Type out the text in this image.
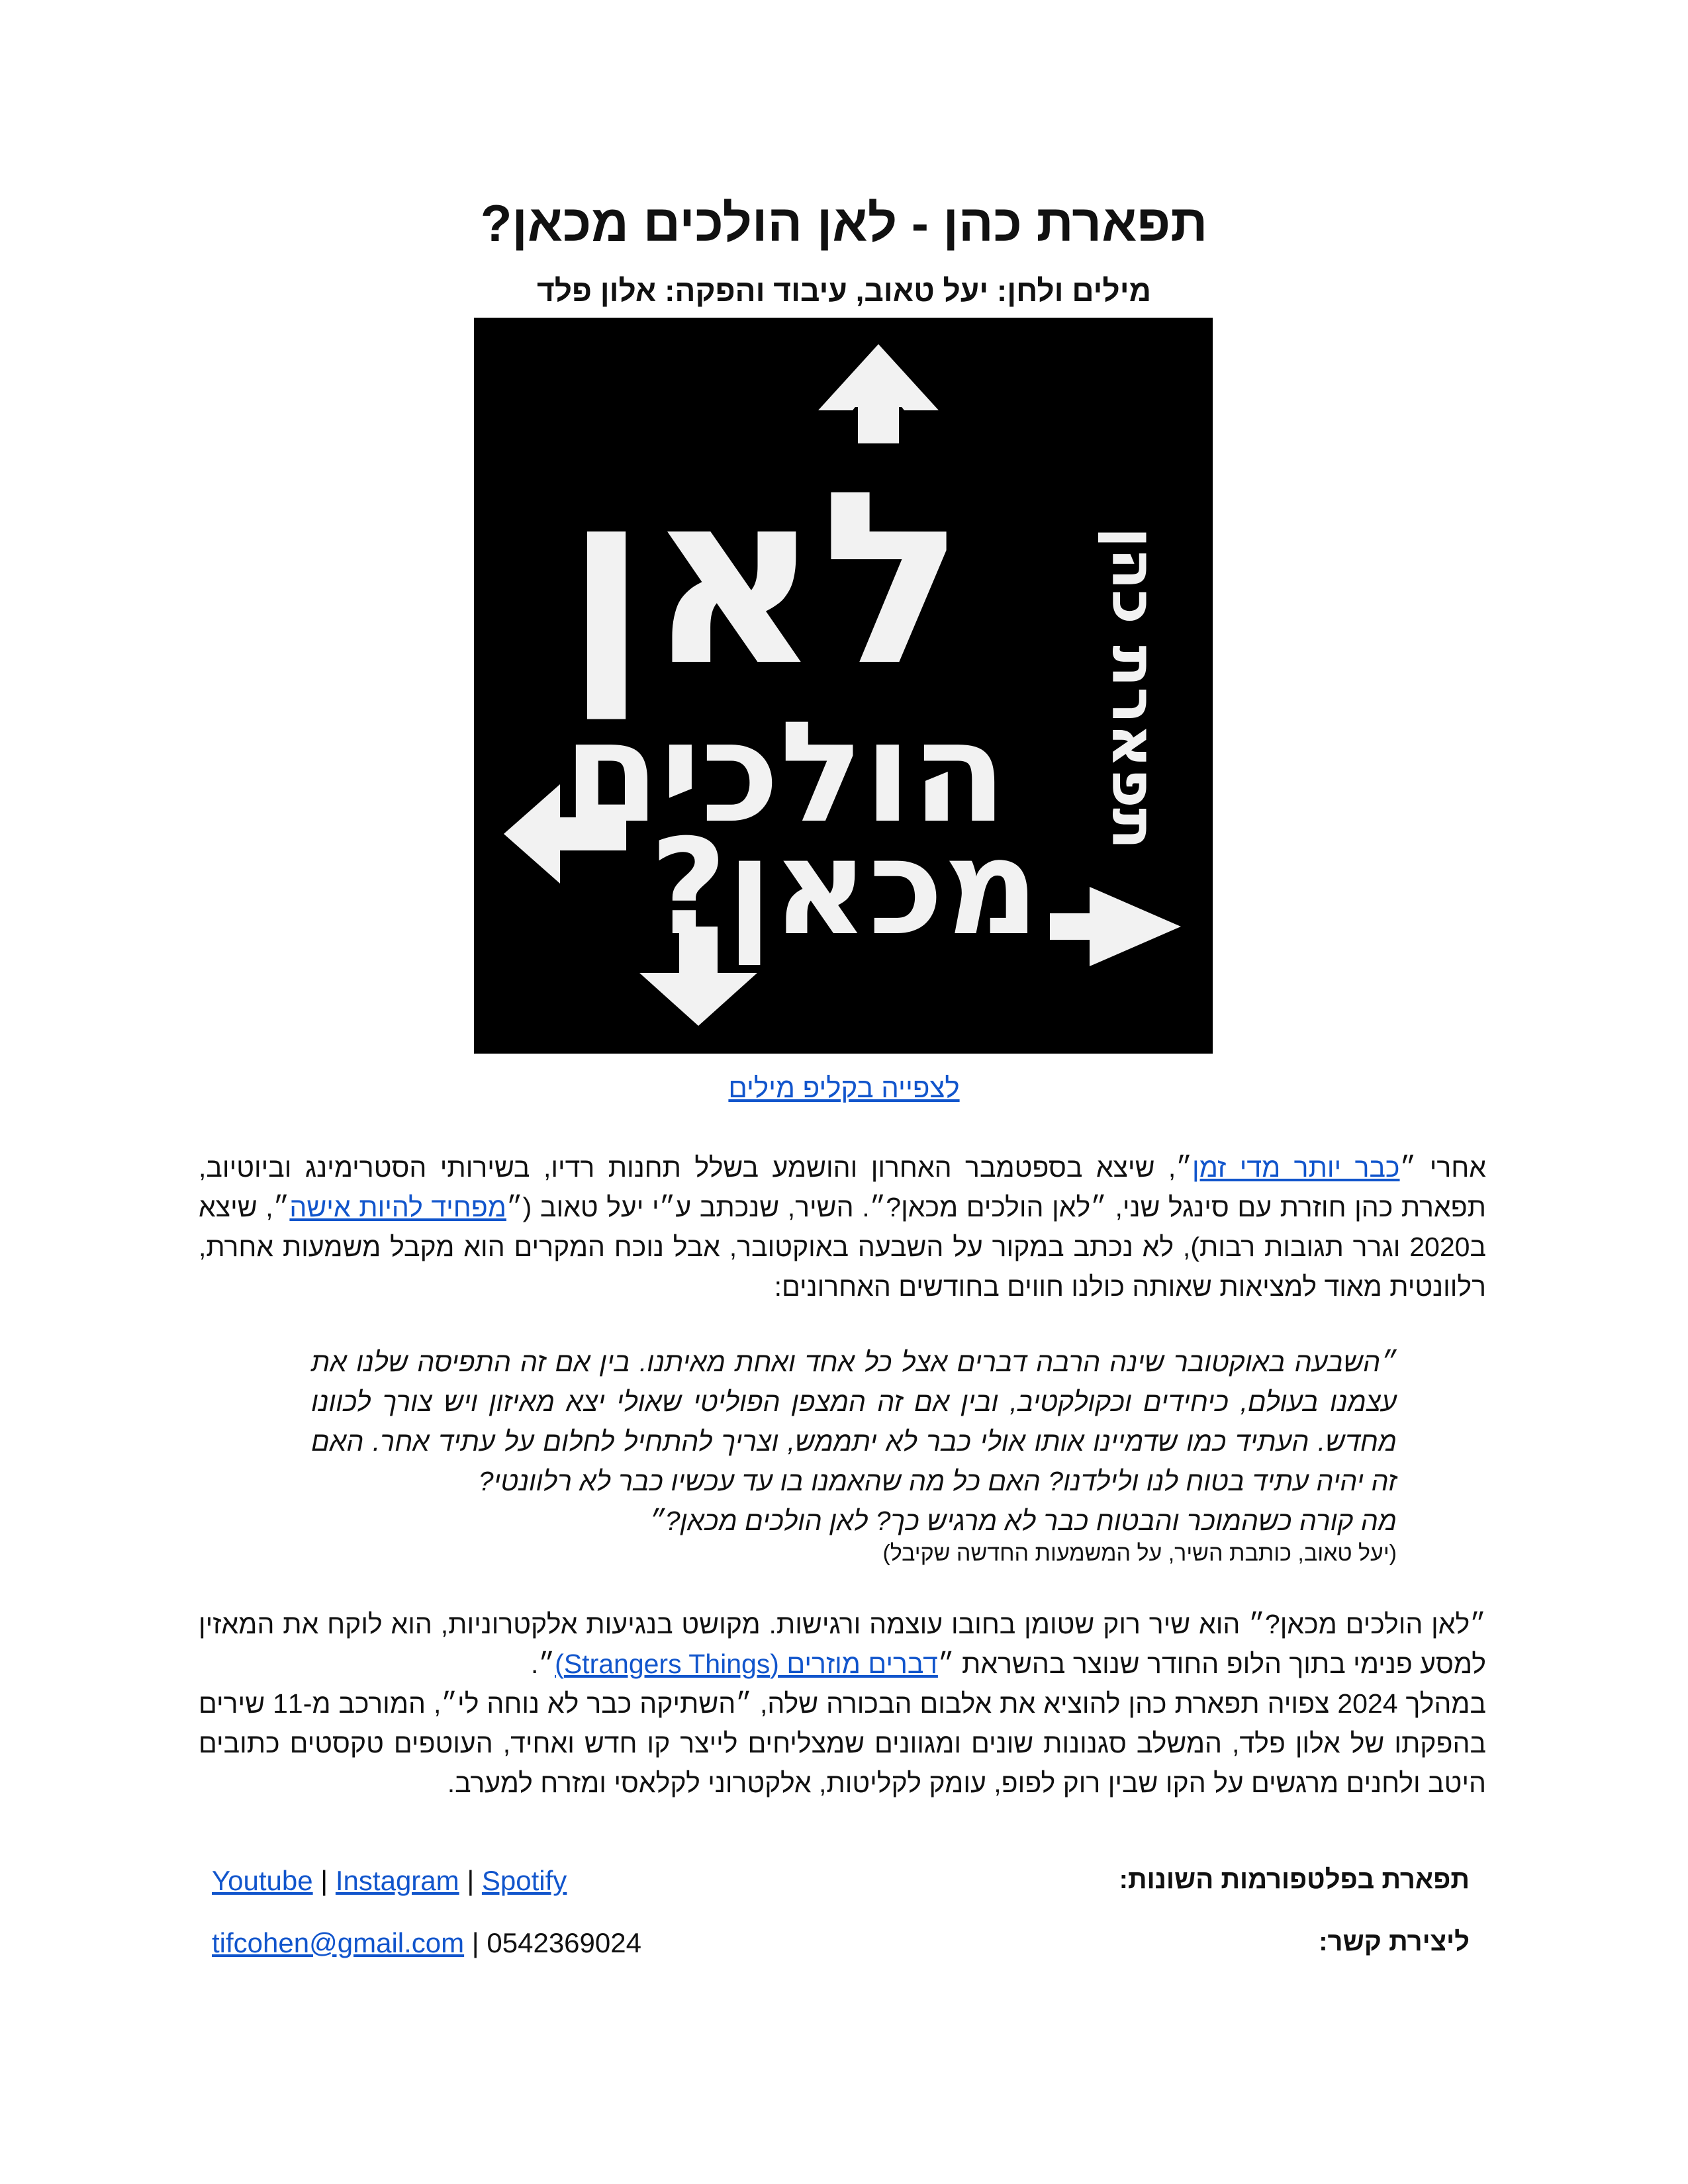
תפארת כהן - לאן הולכים מכאן?
מילים ולחן: יעל טאוב, עיבוד והפקה: אלון פלד
לאן
הולכים
מכאן?
תפארת כהן
לצפייה בקליפ מילים
אחרי ״כבר יותר מדי זמן״, שיצא בספטמבר האחרון והושמע בשלל תחנות רדיו, בשירותי הסטרימינג וביוטיוב, תפארת כהן חוזרת עם סינגל שני, ״לאן הולכים מכאן?״. השיר, שנכתב ע״י יעל טאוב (״מפחיד להיות אישה״, שיצא ב2020 וגרר תגובות רבות), לא נכתב במקור על השבעה באוקטובר, אבל נוכח המקרים הוא מקבל משמעות אחרת, רלוונטית מאוד למציאות שאותה כולנו חווים בחודשים האחרונים:
״השבעה באוקטובר שינה הרבה דברים אצל כל אחד ואחת מאיתנו. בין אם זה התפיסה שלנו את עצמנו בעולם, כיחידים וכקולקטיב, ובין אם זה המצפן הפוליטי שאולי יצא מאיזון ויש צורך לכוונו מחדש. העתיד כמו שדמיינו אותו אולי כבר לא יתממש, וצריך להתחיל לחלום על עתיד אחר. האם זה יהיה עתיד בטוח לנו ולילדנו? האם כל מה שהאמנו בו עד עכשיו כבר לא רלוונטי?
מה קורה כשהמוכר והבטוח כבר לא מרגיש כך? לאן הולכים מכאן?״
(יעל טאוב, כותבת השיר, על המשמעות החדשה שקיבל)
״לאן הולכים מכאן?״ הוא שיר רוק שטומן בחובו עוצמה ורגישות. מקושט בנגיעות אלקטרוניות, הוא לוקח את המאזין למסע פנימי בתוך הלופ החודר שנוצר בהשראת ״דברים מוזרים (Strangers Things)״.
במהלך 2024 צפויה תפארת כהן להוציא את אלבום הבכורה שלה, ״השתיקה כבר לא נוחה לי״, המורכב מ-11 שירים בהפקתו של אלון פלד, המשלב סגנונות שונים ומגוונים שמצליחים לייצר קו חדש ואחיד, העוטפים טקסטים כתובים היטב ולחנים מרגשים על הקו שבין רוק לפופ, עומק לקליטות, אלקטרוני לקלאסי ומזרח למערב.
תפארת בפלטפורמות השונות:
Youtube | Instagram | Spotify
ליצירת קשר:
tifcohen@gmail.com | 0542369024
